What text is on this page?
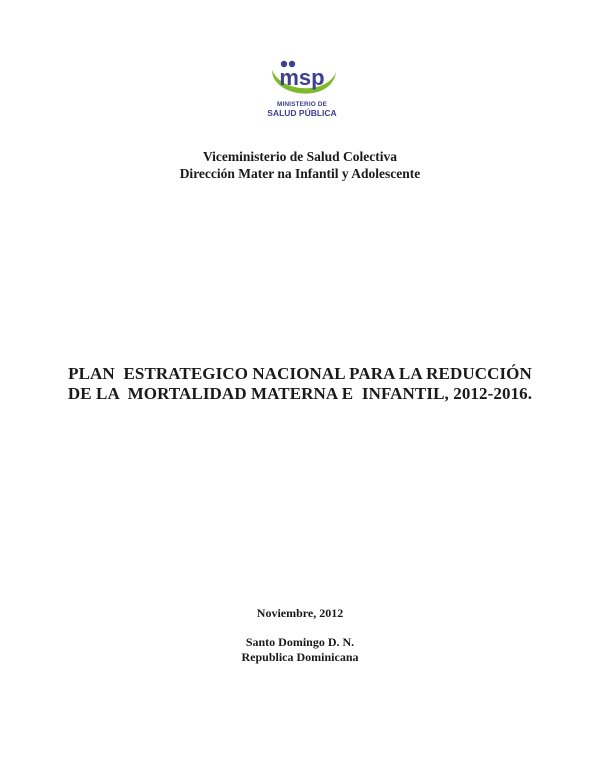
msp
MINISTERIO DE
SALUD PÚBLICA
Viceministerio de Salud Colectiva
Dirección Mater na Infantil y Adolescente
PLAN  ESTRATEGICO NACIONAL PARA LA REDUCCIÓN
DE LA  MORTALIDAD MATERNA E  INFANTIL, 2012-2016.
Noviembre, 2012
Santo Domingo D. N.
Republica Dominicana
